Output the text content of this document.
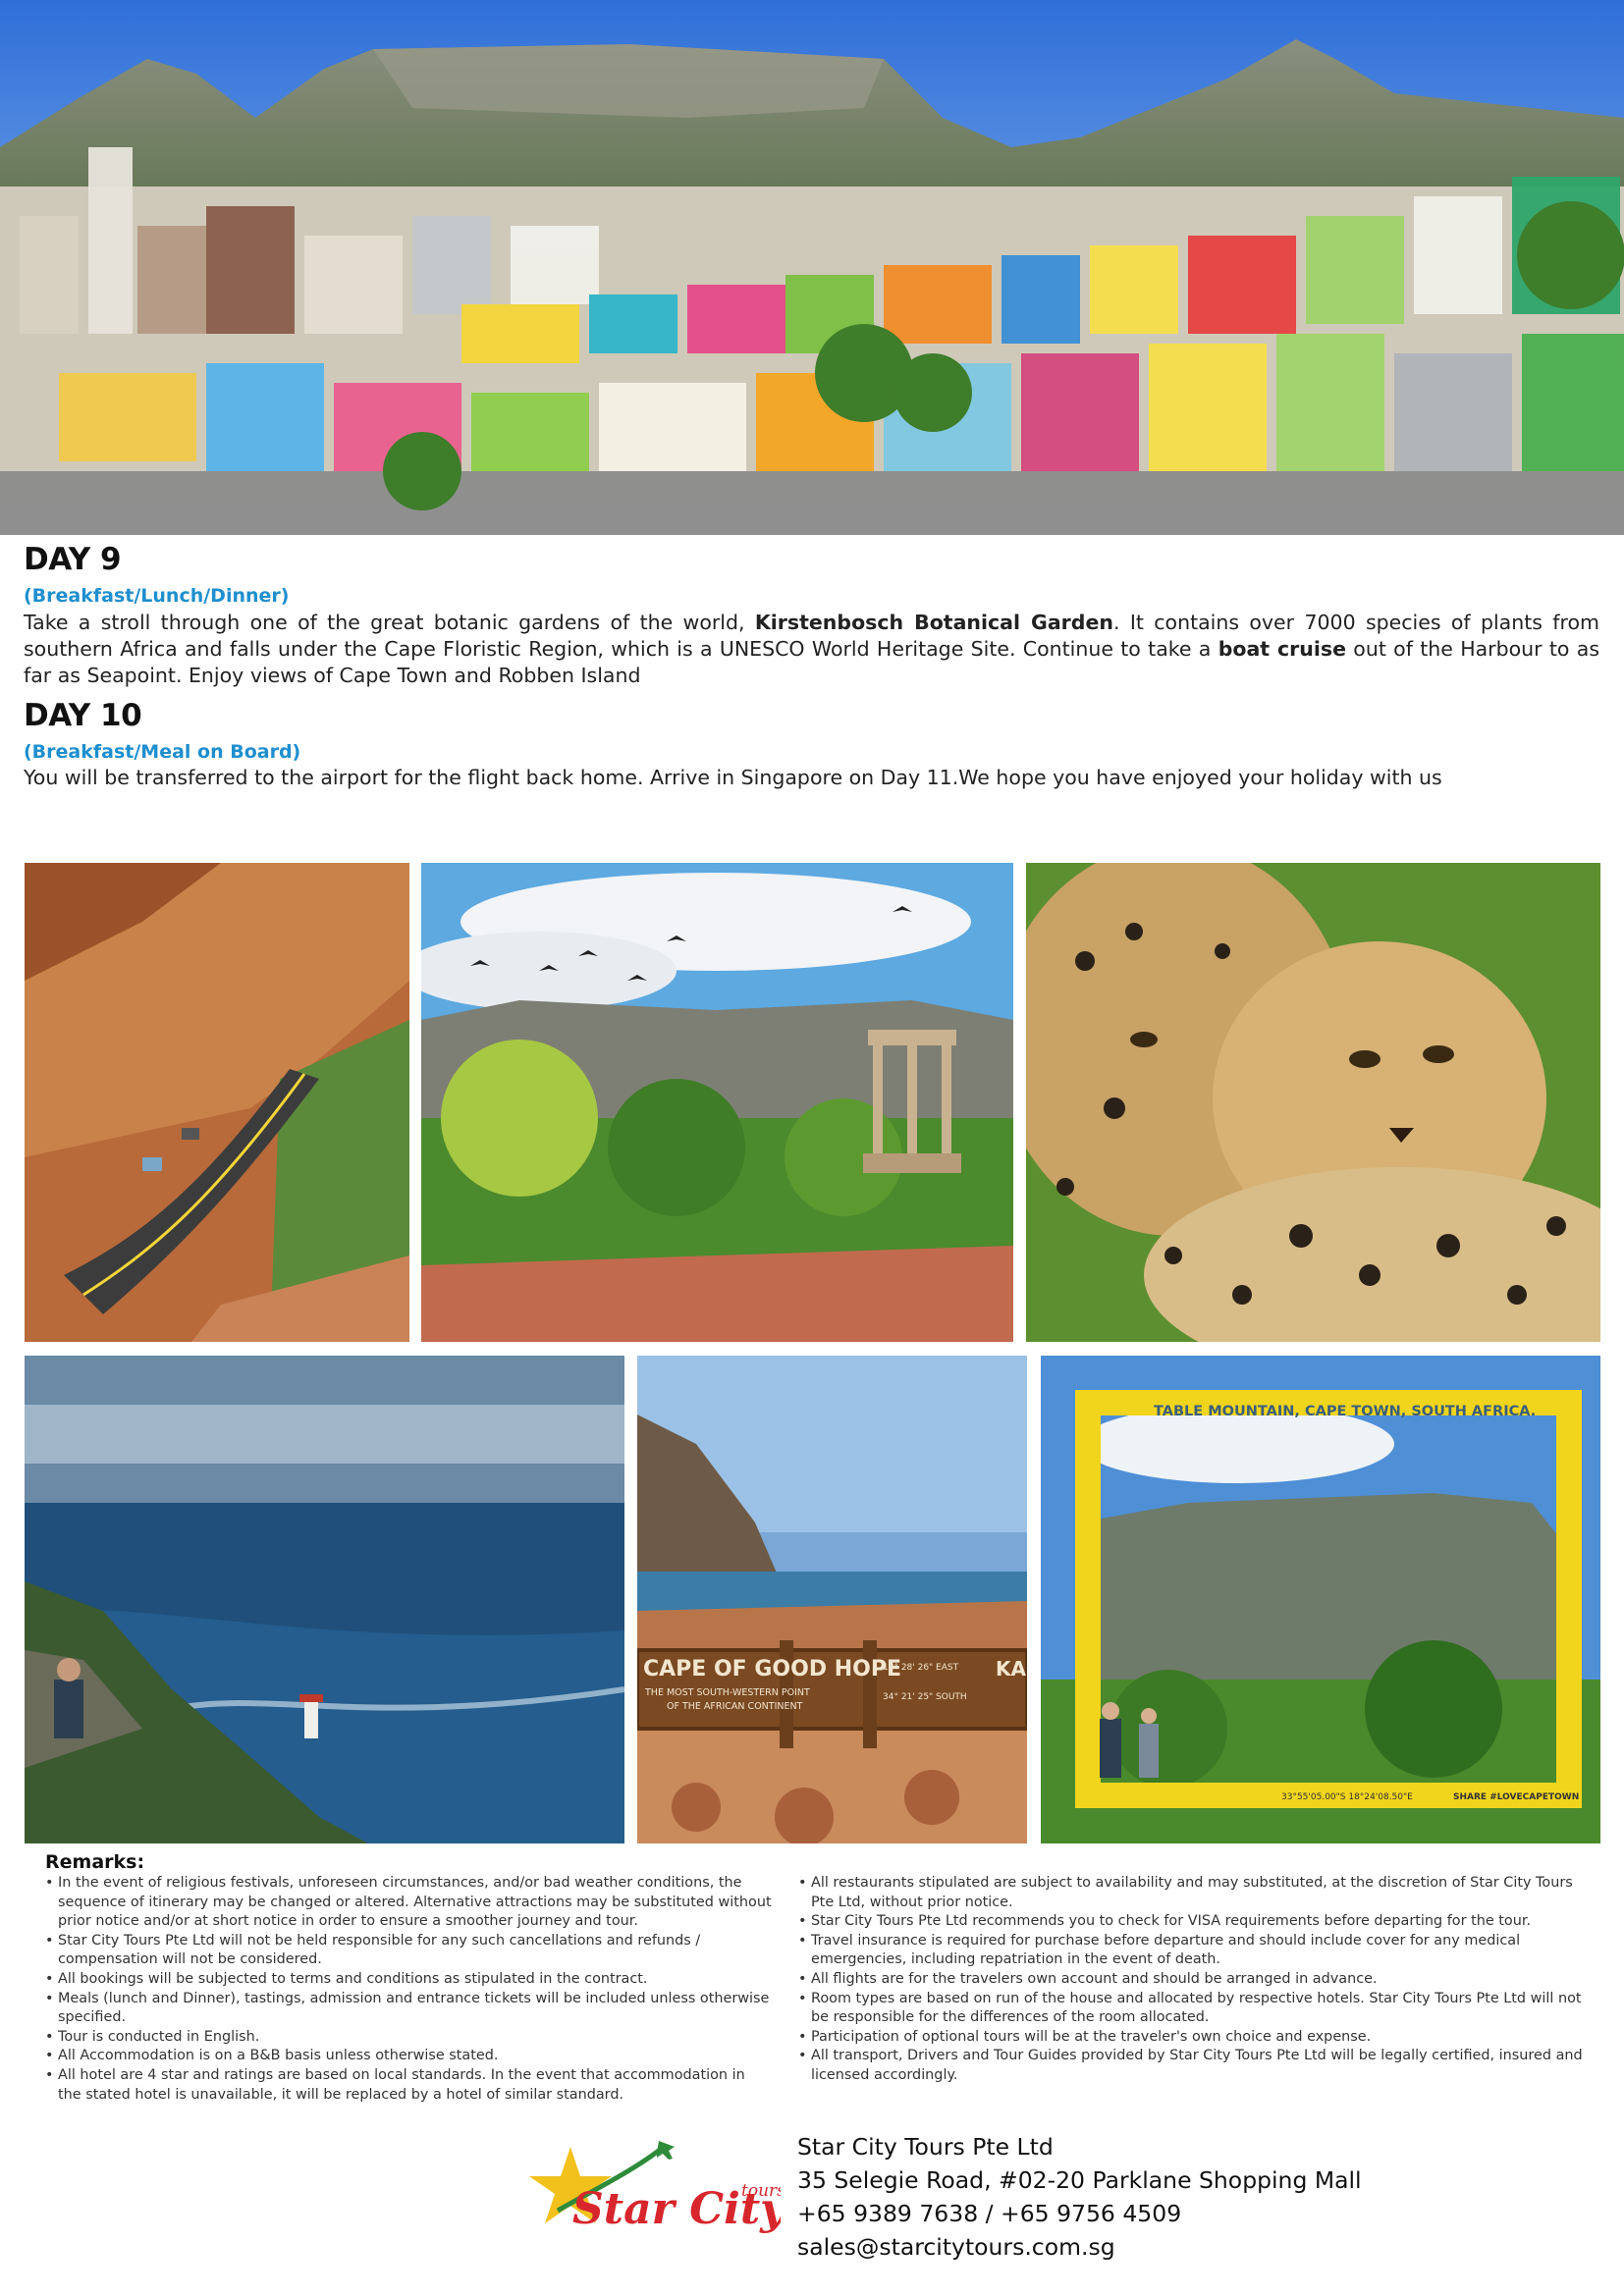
DAY 9
(Breakfast/Lunch/Dinner)
Take a stroll through one of the great botanic gardens of the world, Kirstenbosch Botanical Garden. It contains over 7000 species of plants from southern Africa and falls under the Cape Floristic Region, which is a UNESCO World Heritage Site. Continue to take a boat cruise out of the Harbour to as far as Seapoint. Enjoy views of Cape Town and Robben Island
DAY 10
(Breakfast/Meal on Board)
You will be transferred to the airport for the flight back home. Arrive in Singapore on Day 11.We hope you have enjoyed your holiday with us
CAPE OF GOOD HOPE
THE MOST SOUTH-WESTERN POINT
OF THE AFRICAN CONTINENT
18° 28' 26" EAST
34° 21' 25" SOUTH
KA
TABLE MOUNTAIN, CAPE TOWN, SOUTH AFRICA.
33°55'05.00"S 18°24'08.50"E	SHARE #LOVECAPETOWN
Remarks:
• In the event of religious festivals, unforeseen circumstances, and/or bad weather conditions, the sequence of itinerary may be changed or altered. Alternative attractions may be substituted without prior notice and/or at short notice in order to ensure a smoother journey and tour.
• Star City Tours Pte Ltd will not be held responsible for any such cancellations and refunds / compensation will not be considered.
• All bookings will be subjected to terms and conditions as stipulated in the contract.
• Meals (lunch and Dinner), tastings, admission and entrance tickets will be included unless otherwise specified.
• Tour is conducted in English.
• All Accommodation is on a B&B basis unless otherwise stated.
• All hotel are 4 star and ratings are based on local standards. In the event that accommodation in the stated hotel is unavailable, it will be replaced by a hotel of similar standard.
• All restaurants stipulated are subject to availability and may substituted, at the discretion of Star City Tours Pte Ltd, without prior notice.
• Star City Tours Pte Ltd recommends you to check for VISA requirements before departing for the tour.
• Travel insurance is required for purchase before departure and should include cover for any medical emergencies, including repatriation in the event of death.
• All flights are for the travelers own account and should be arranged in advance.
• Room types are based on run of the house and allocated by respective hotels. Star City Tours Pte Ltd will not be responsible for the differences of the room allocated.
• Participation of optional tours will be at the traveler's own choice and expense.
• All transport, Drivers and Tour Guides provided by Star City Tours Pte Ltd will be legally certified, insured and licensed accordingly.
Star City
tour
Star City Tours Pte Ltd
35 Selegie Road, #02-20 Parklane Shopping Mall
+65 9389 7638 / +65 9756 4509
sales@starcitytours.com.sg
